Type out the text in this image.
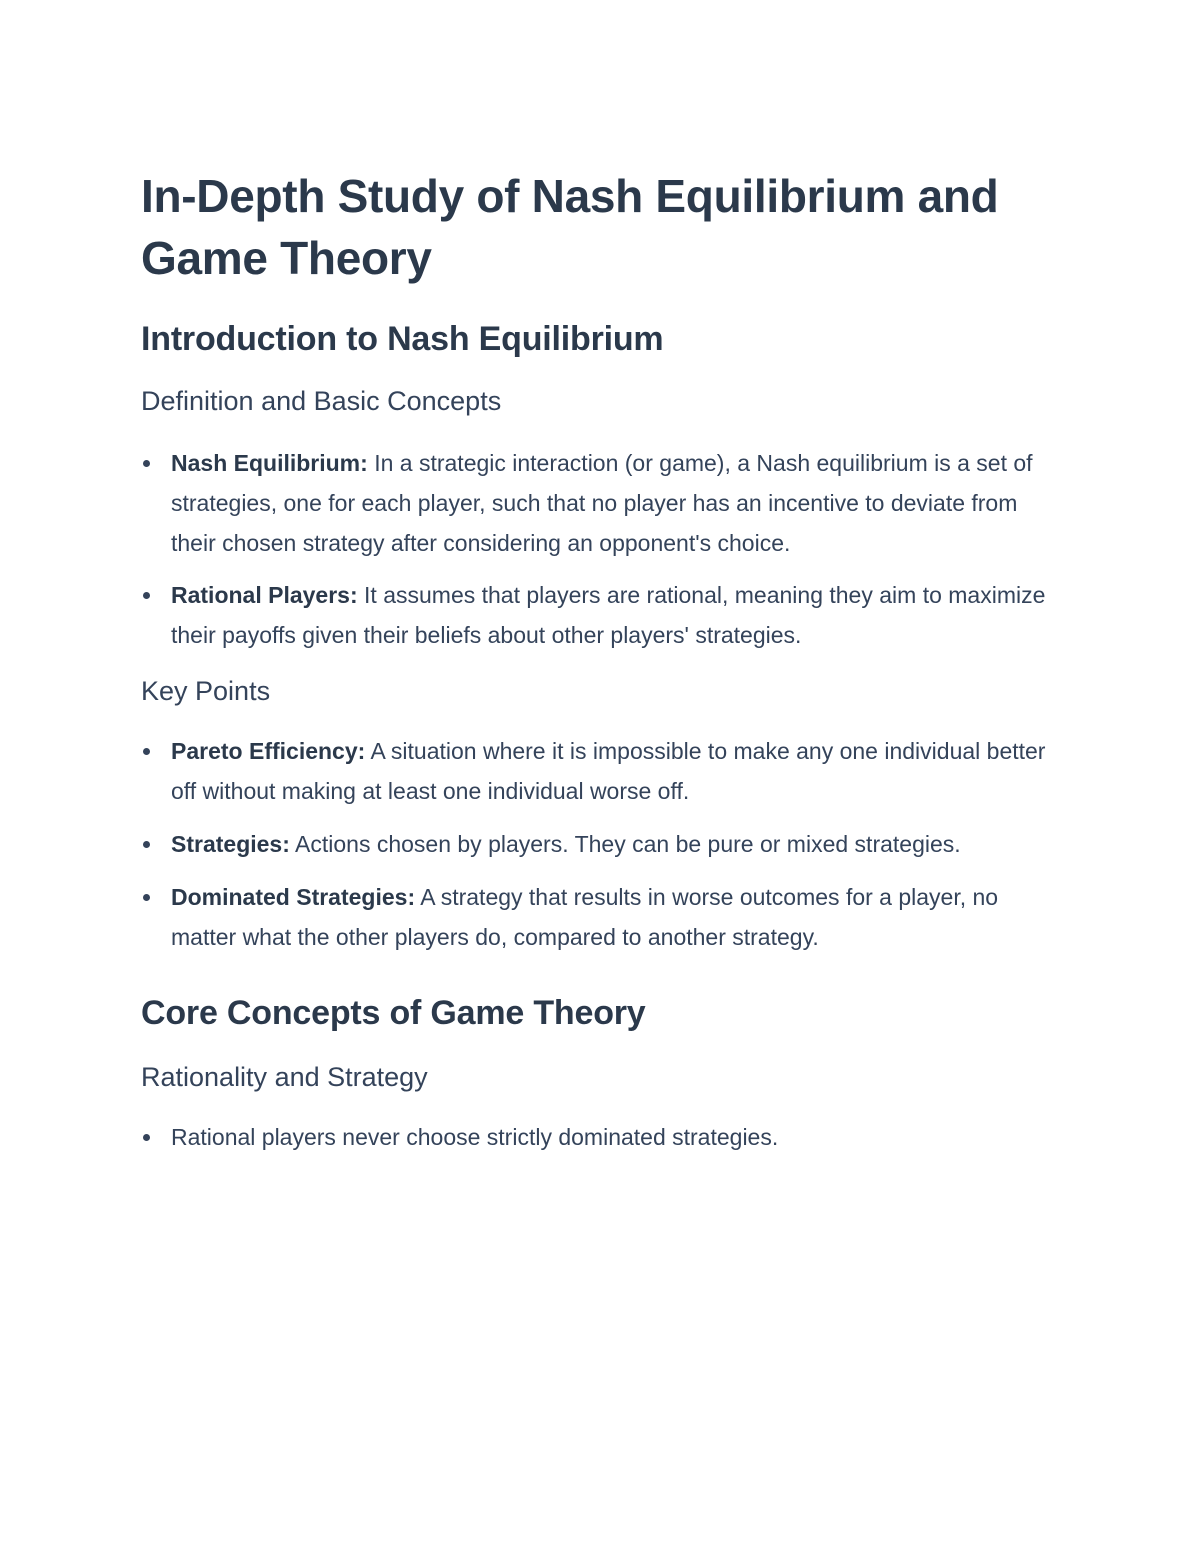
In-Depth Study of Nash Equilibrium and Game Theory
Introduction to Nash Equilibrium
Definition and Basic Concepts
Nash Equilibrium: In a strategic interaction (or game), a Nash equilibrium is a set of strategies, one for each player, such that no player has an incentive to deviate from their chosen strategy after considering an opponent's choice.
Rational Players: It assumes that players are rational, meaning they aim to maximize their payoffs given their beliefs about other players' strategies.
Key Points
Pareto Efficiency: A situation where it is impossible to make any one individual better off without making at least one individual worse off.
Strategies: Actions chosen by players. They can be pure or mixed strategies.
Dominated Strategies: A strategy that results in worse outcomes for a player, no matter what the other players do, compared to another strategy.
Core Concepts of Game Theory
Rationality and Strategy
Rational players never choose strictly dominated strategies.
